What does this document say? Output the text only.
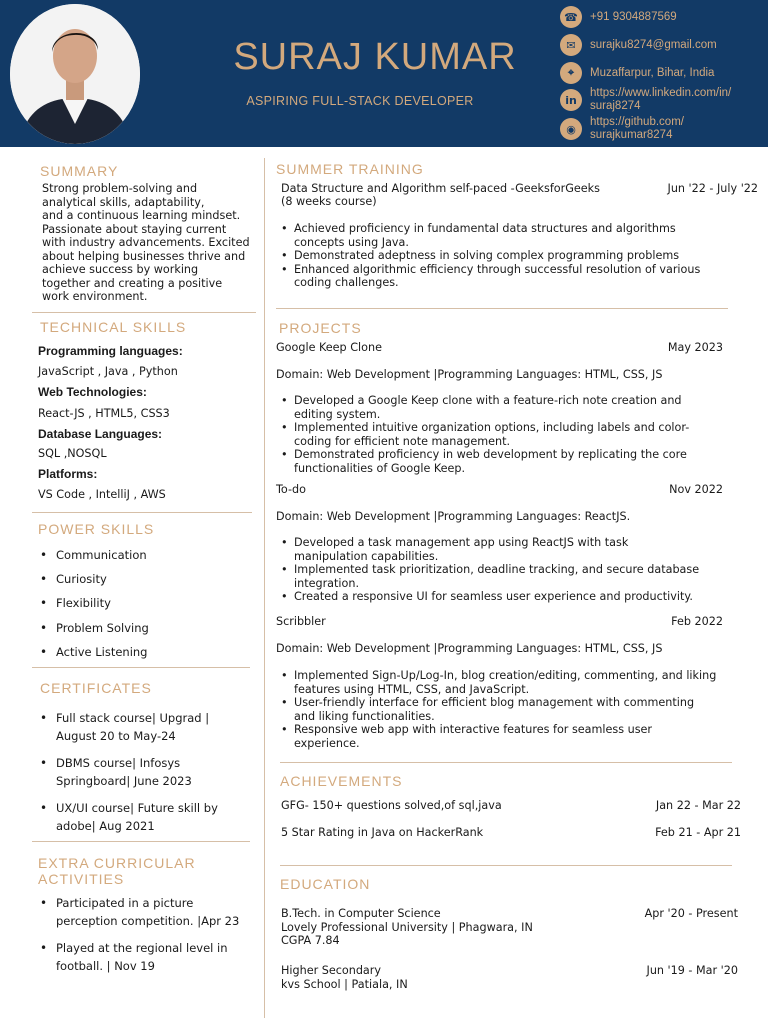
SURAJ KUMAR
ASPIRING FULL-STACK DEVELOPER
☎	+91 9304887569
✉	surajku8274@gmail.com
⌖	Muzaffarpur, Bihar, India
in
https://www.linkedin.com/in/
suraj8274
◉
https://github.com/
surajkumar8274
SUMMARY
Strong problem-solving and
analytical skills, adaptability,
and a continuous learning mindset.
Passionate about staying current
with industry advancements. Excited
about helping businesses thrive and
achieve success by working
together and creating a positive
work environment.
TECHNICAL SKILLS
Programming languages:
JavaScript , Java , Python
Web Technologies:
React-JS , HTML5, CSS3
Database Languages:
SQL ,NOSQL
Platforms:
VS Code , IntelliJ , AWS
POWER SKILLS
• Communication
• Curiosity
• Flexibility
• Problem Solving
• Active Listening
CERTIFICATES
• Full stack course| Upgrad |
August 20 to May-24
• DBMS course| Infosys
Springboard| June 2023
• UX/UI course| Future skill by
adobe| Aug 2021
EXTRA CURRICULAR
ACTIVITIES
• Participated in a picture
perception competition. |Apr 23
• Played at the regional level in
football. | Nov 19
SUMMER TRAINING
Data Structure and Algorithm self-paced -GeeksforGeeks	Jun '22 - July '22
(8 weeks course)
• Achieved proficiency in fundamental data structures and algorithms
concepts using Java.
• Demonstrated adeptness in solving complex programming problems
• Enhanced algorithmic efficiency through successful resolution of various
coding challenges.
PROJECTS
Google Keep Clone	May 2023
Domain: Web Development |Programming Languages: HTML, CSS, JS
• Developed a Google Keep clone with a feature-rich note creation and
editing system.
• Implemented intuitive organization options, including labels and color-
coding for efficient note management.
• Demonstrated proficiency in web development by replicating the core
functionalities of Google Keep.
To-do	Nov 2022
Domain: Web Development |Programming Languages: ReactJS.
• Developed a task management app using ReactJS with task
manipulation capabilities.
• Implemented task prioritization, deadline tracking, and secure database
integration.
• Created a responsive UI for seamless user experience and productivity.
Scribbler	Feb 2022
Domain: Web Development |Programming Languages: HTML, CSS, JS
• Implemented Sign-Up/Log-In, blog creation/editing, commenting, and liking
features using HTML, CSS, and JavaScript.
• User-friendly interface for efficient blog management with commenting
and liking functionalities.
• Responsive web app with interactive features for seamless user
experience.
ACHIEVEMENTS
GFG- 150+ questions solved,of sql,java	Jan 22 - Mar 22
5 Star Rating in Java on HackerRank	Feb 21 - Apr 21
EDUCATION
B.Tech. in Computer Science
Lovely Professional University | Phagwara, IN
CGPA 7.84
Apr '20 - Present
Higher Secondary
kvs School | Patiala, IN
Jun '19 - Mar '20
